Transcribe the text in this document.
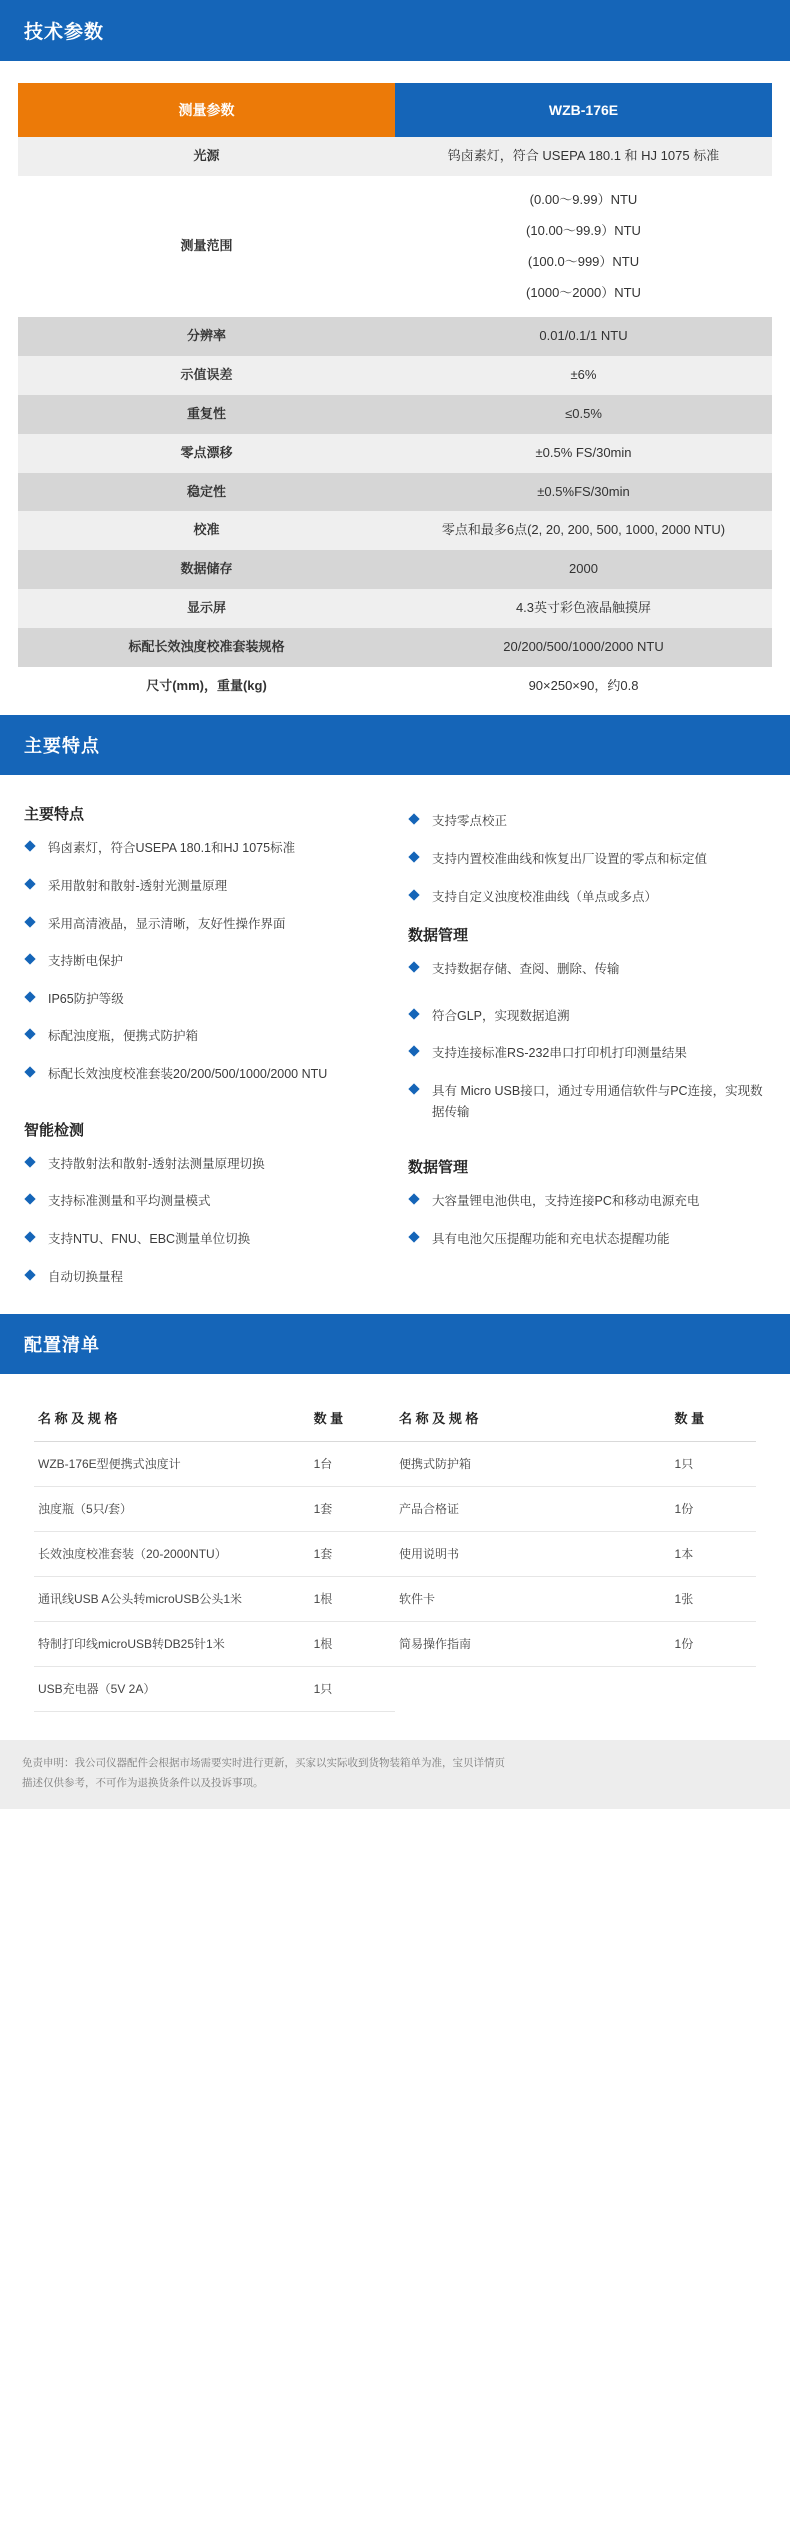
技术参数
测量参数	WZB-176E
光源	钨卤素灯，符合 USEPA 180.1 和 HJ 1075 标准
测量范围	(0.00～9.99）NTU
(10.00～99.9）NTU
(100.0～999）NTU
(1000～2000）NTU

分辨率	0.01/0.1/1 NTU
示值误差	±6%
重复性	≤0.5%
零点漂移	±0.5% FS/30min
稳定性	±0.5%FS/30min
校准	零点和最多6点(2, 20, 200, 500, 1000, 2000 NTU)
数据储存	2000
显示屏	4.3英寸彩色液晶触摸屏
标配长效浊度校准套装规格	20/200/500/1000/2000 NTU
尺寸(mm)，重量(kg)	90×250×90，约0.8
主要特点
主要特点
钨卤素灯，符合USEPA 180.1和HJ 1075标准
采用散射和散射-透射光测量原理
采用高清液晶，显示清晰，友好性操作界面
支持断电保护
IP65防护等级
标配浊度瓶，便携式防护箱
标配长效浊度校准套装20/200/500/1000/2000 NTU
智能检测
支持散射法和散射-透射法测量原理切换
支持标准测量和平均测量模式
支持NTU、FNU、EBC测量单位切换
自动切换量程
支持零点校正
支持内置校准曲线和恢复出厂设置的零点和标定值
支持自定义浊度校准曲线（单点或多点）
数据管理
支持数据存储、查阅、删除、传输
符合GLP，实现数据追溯
支持连接标准RS-232串口打印机打印测量结果
具有 Micro USB接口，通过专用通信软件与PC连接，实现数据传输
数据管理
大容量锂电池供电，支持连接PC和移动电源充电
具有电池欠压提醒功能和充电状态提醒功能
配置清单
名 称 及 规 格	数 量	名 称 及 规 格	数 量
WZB-176E型便携式浊度计	1台	便携式防护箱	1只
浊度瓶（5只/套）	1套	产品合格证	1份
长效浊度校准套装（20-2000NTU）	1套	使用说明书	1本
通讯线USB A公头转microUSB公头1米	1根	软件卡	1张
特制打印线microUSB转DB25针1米	1根	简易操作指南	1份
USB充电器（5V 2A）	1只		
免责申明：我公司仪器配件会根据市场需要实时进行更新，买家以实际收到货物装箱单为准，宝贝详情页
描述仅供参考，不可作为退换货条件以及投诉事项。
